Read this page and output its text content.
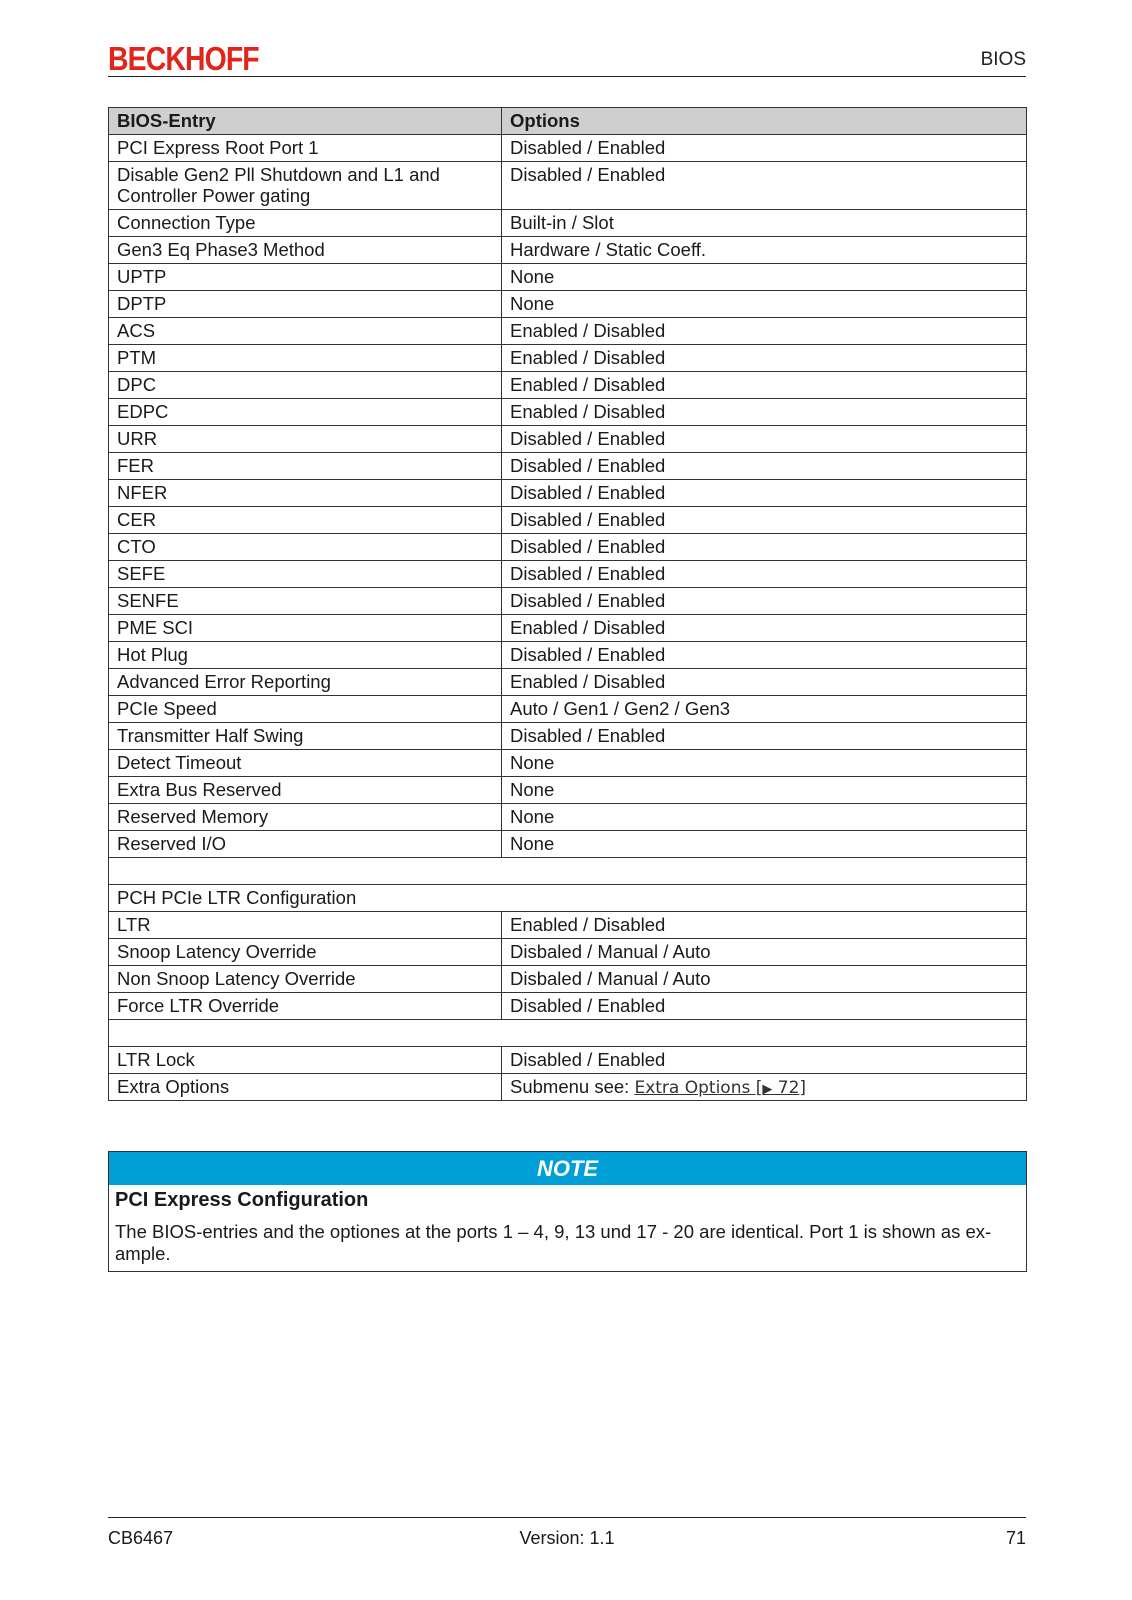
BECKHOFF	BIOS
BIOS-Entry	Options
PCI Express Root Port 1	Disabled / Enabled
Disable Gen2 Pll Shutdown and L1 and Controller Power gating	Disabled / Enabled
Connection Type	Built-in / Slot
Gen3 Eq Phase3 Method	Hardware / Static Coeff.
UPTP	None
DPTP	None
ACS	Enabled / Disabled
PTM	Enabled / Disabled
DPC	Enabled / Disabled
EDPC	Enabled / Disabled
URR	Disabled / Enabled
FER	Disabled / Enabled
NFER	Disabled / Enabled
CER	Disabled / Enabled
CTO	Disabled / Enabled
SEFE	Disabled / Enabled
SENFE	Disabled / Enabled
PME SCI	Enabled / Disabled
Hot Plug	Disabled / Enabled
Advanced Error Reporting	Enabled / Disabled
PCIe Speed	Auto / Gen1 / Gen2 / Gen3
Transmitter Half Swing	Disabled / Enabled
Detect Timeout	None
Extra Bus Reserved	None
Reserved Memory	None
Reserved I/O	None

PCH PCIe LTR Configuration	
LTR	Enabled / Disabled
Snoop Latency Override	Disbaled / Manual / Auto
Non Snoop Latency Override	Disbaled / Manual / Auto
Force LTR Override	Disabled / Enabled

LTR Lock	Disabled / Enabled
Extra Options	Submenu see: Extra Options [▶ 72]
NOTE
PCI Express Configuration
The BIOS-entries and the optiones at the ports 1 – 4, 9, 13 und 17 - 20 are identical. Port 1 is shown as ex-ample.
CB6467	Version: 1.1	71
